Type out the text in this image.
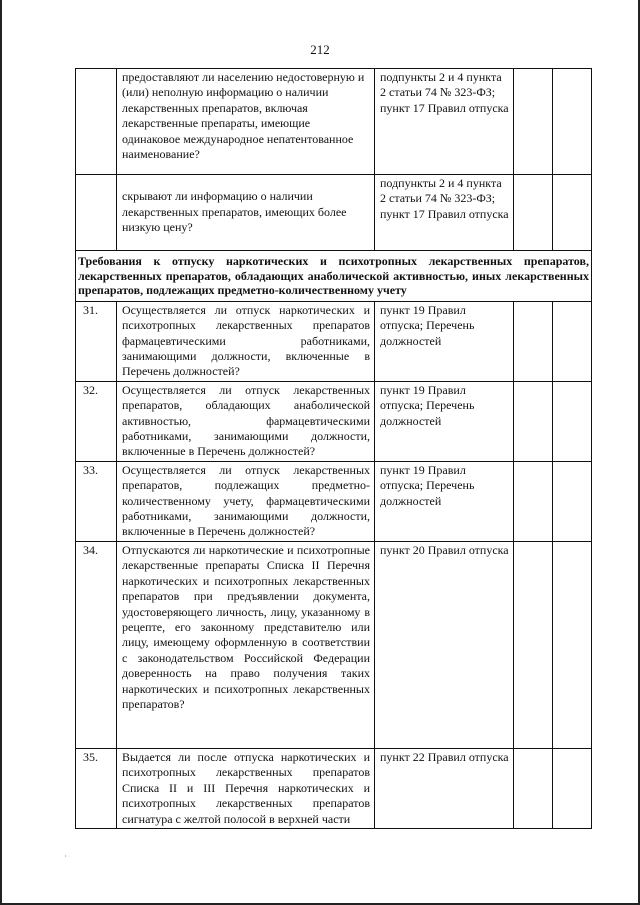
212
	предоставляют ли населению недостоверную и (или) неполную информацию о наличии лекарственных препаратов, включая лекарственные препараты, имеющие одинаковое международное непатентованное наименование?	подпункты 2 и 4 пункта 2 статьи 74 № 323-ФЗ; пункт 17 Правил отпуска		
	скрывают ли информацию о наличии лекарственных препаратов, имеющих более низкую цену?	подпункты 2 и 4 пункта 2 статьи 74 № 323-ФЗ; пункт 17 Правил отпуска		
Требования к отпуску наркотических и психотропных лекарственных препаратов, лекарственных препаратов, обладающих анаболической активностью, иных лекарственных препаратов, подлежащих предметно-количественному учету				
31.	Осуществляется ли отпуск наркотических и психотропных лекарственных препаратов фармацевтическими работниками, занимающими должности, включенные в Перечень должностей?	пункт 19 Правил отпуска; Перечень должностей		
32.	Осуществляется ли отпуск лекарственных препаратов, обладающих анаболической активностью, фармацевтическими работниками, занимающими должности, включенные в Перечень должностей?	пункт 19 Правил отпуска; Перечень должностей		
33.	Осуществляется ли отпуск лекарственных препаратов, подлежащих предметно-количественному учету, фармацевтическими работниками, занимающими должности, включенные в Перечень должностей?	пункт 19 Правил отпуска; Перечень должностей		
34.	Отпускаются ли наркотические и психотропные лекарственные препараты Списка II Перечня наркотических и психотропных лекарственных препаратов при предъявлении документа, удостоверяющего личность, лицу, указанному в рецепте, его законному представителю или лицу, имеющему оформленную в соответствии с законодательством Российской Федерации доверенность на право получения таких наркотических и психотропных лекарственных препаратов?	пункт 20 Правил отпуска		
35.	Выдается ли после отпуска наркотических и психотропных лекарственных препаратов Списка II и III Перечня наркотических и психотропных лекарственных препаратов сигнатура с желтой полосой в верхней части	пункт 22 Правил отпуска		
˙
